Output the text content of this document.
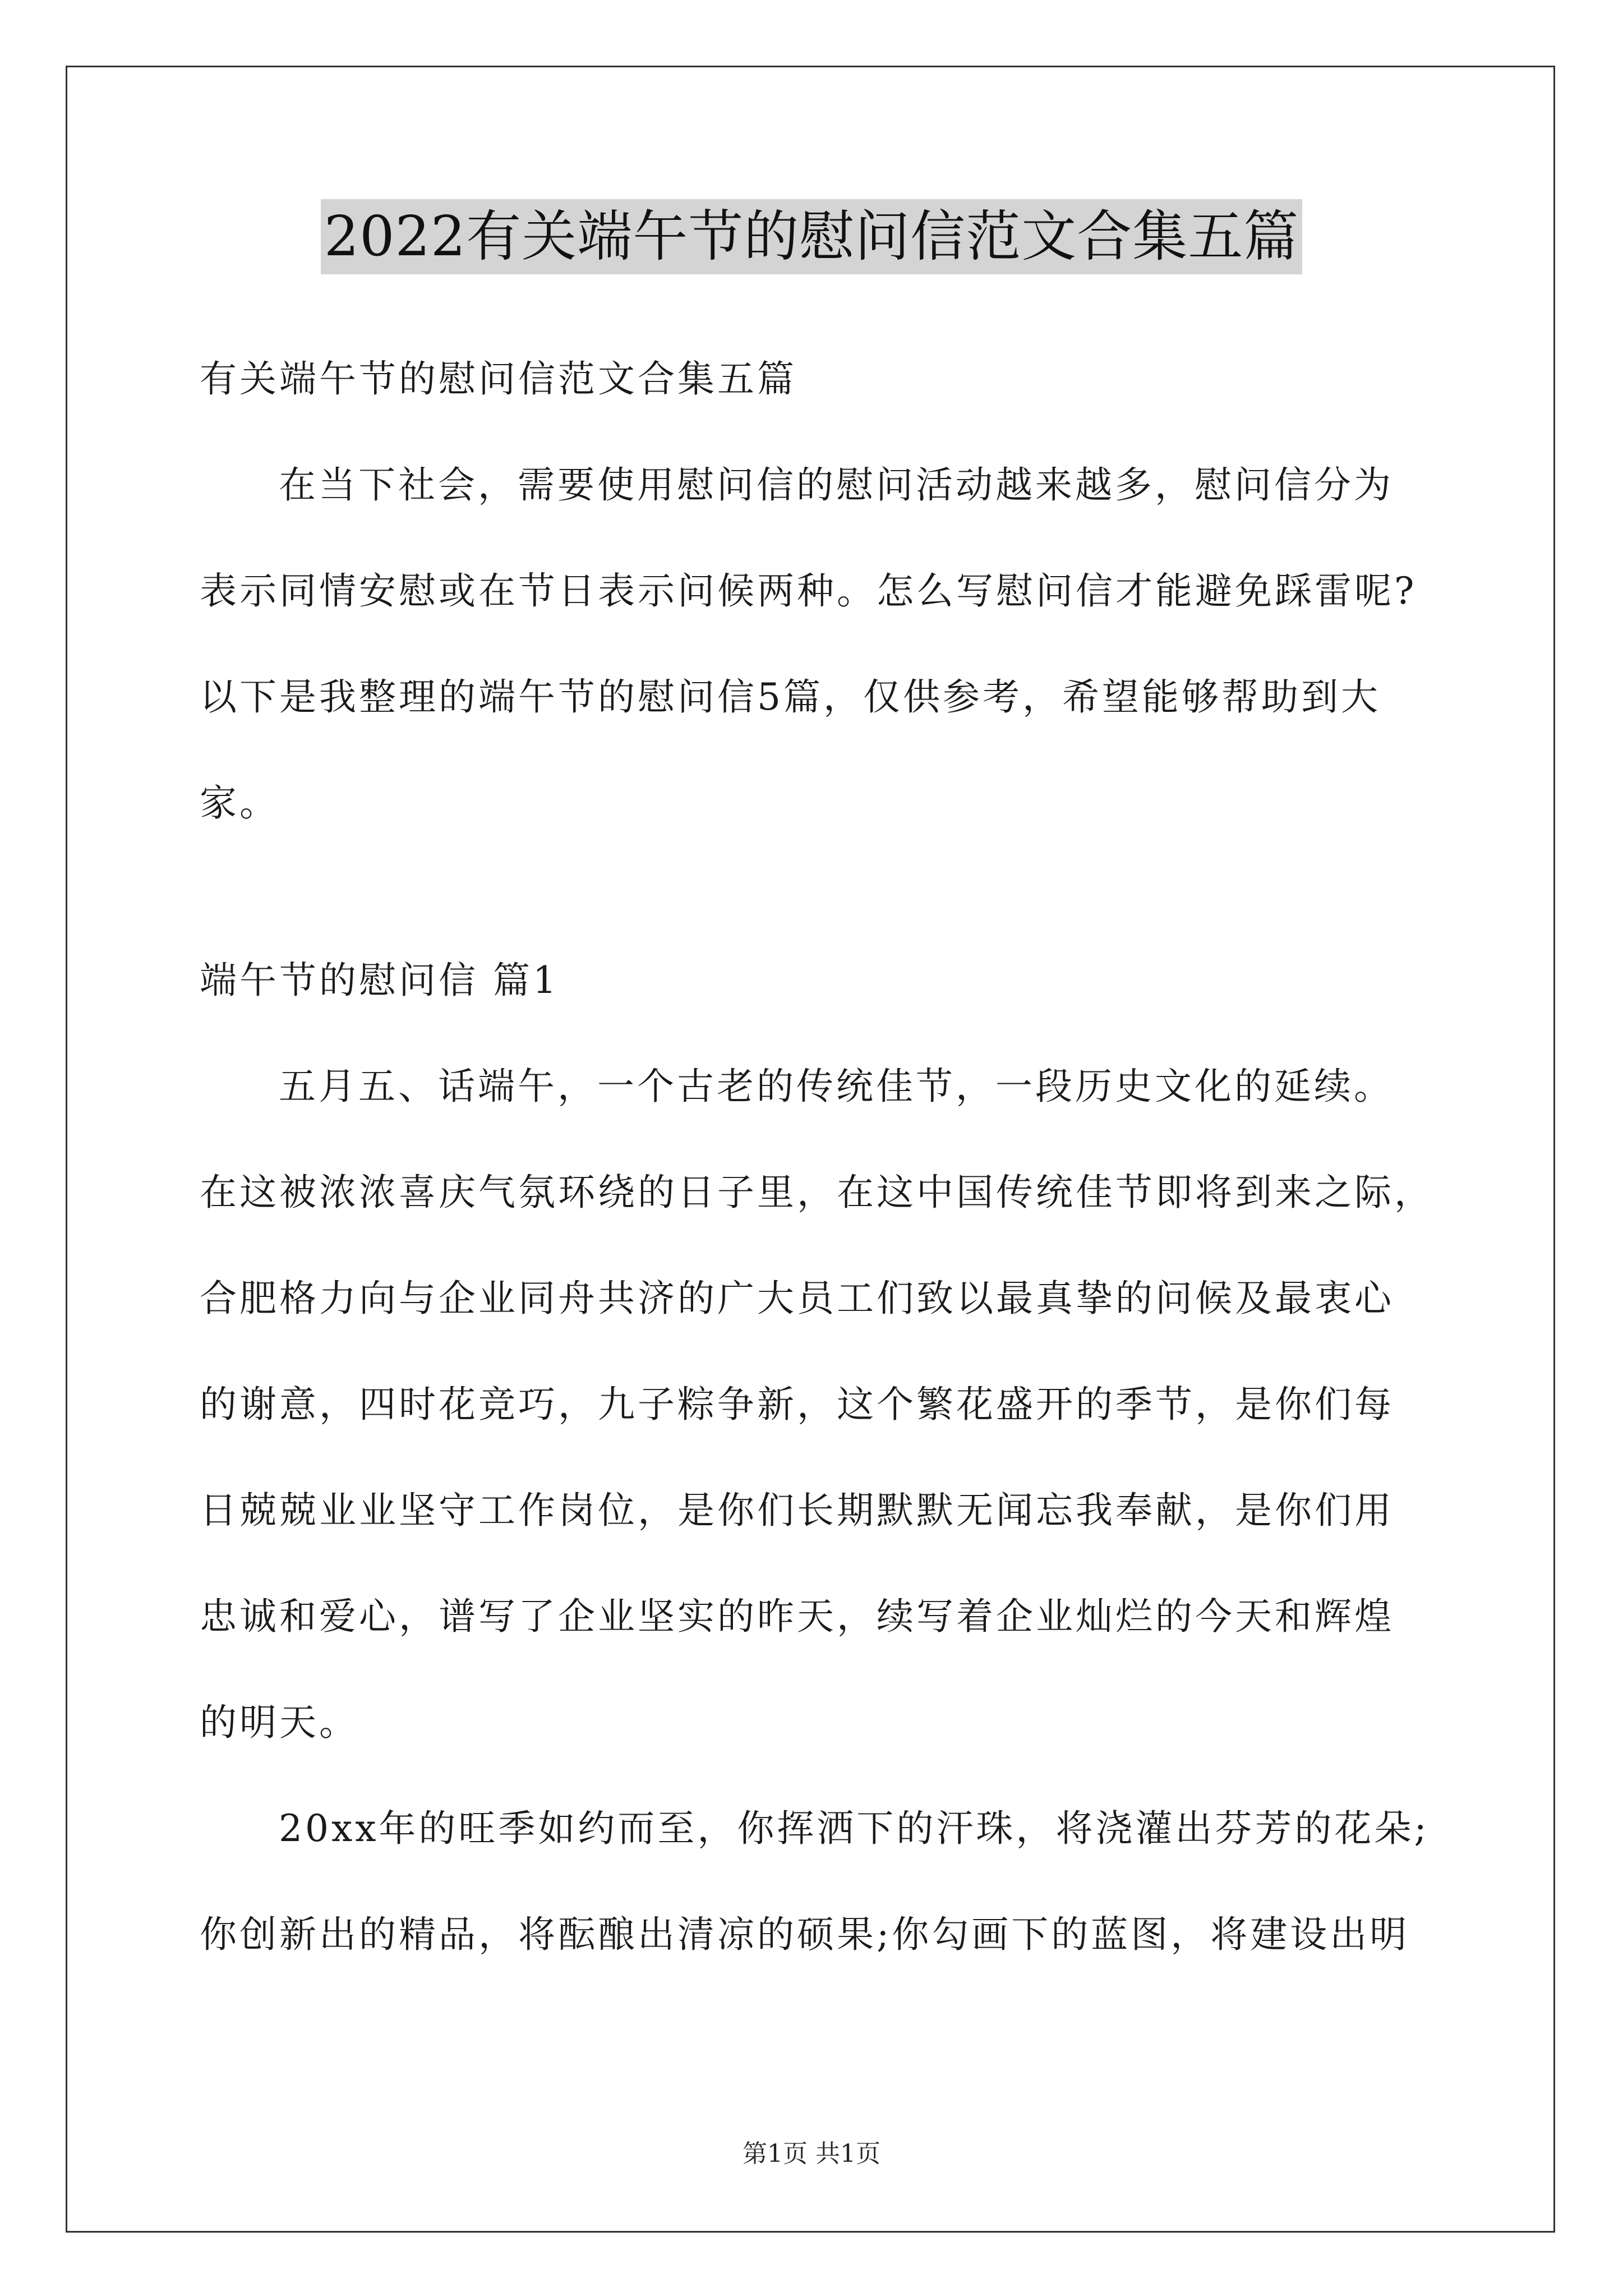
2022有关端午节的慰问信范文合集五篇
有关端午节的慰问信范文合集五篇
在当下社会，需要使用慰问信的慰问活动越来越多，慰问信分为
表示同情安慰或在节日表示问候两种。怎么写慰问信才能避免踩雷呢?
以下是我整理的端午节的慰问信5篇，仅供参考，希望能够帮助到大
家。
端午节的慰问信 篇1
五月五、话端午，一个古老的传统佳节，一段历史文化的延续。
在这被浓浓喜庆气氛环绕的日子里，在这中国传统佳节即将到来之际，
合肥格力向与企业同舟共济的广大员工们致以最真挚的问候及最衷心
的谢意，四时花竞巧，九子粽争新，这个繁花盛开的季节，是你们每
日兢兢业业坚守工作岗位，是你们长期默默无闻忘我奉献，是你们用
忠诚和爱心，谱写了企业坚实的昨天，续写着企业灿烂的今天和辉煌
的明天。
20xx年的旺季如约而至，你挥洒下的汗珠，将浇灌出芬芳的花朵;
你创新出的精品，将酝酿出清凉的硕果;你勾画下的蓝图，将建设出明
第1页 共1页
